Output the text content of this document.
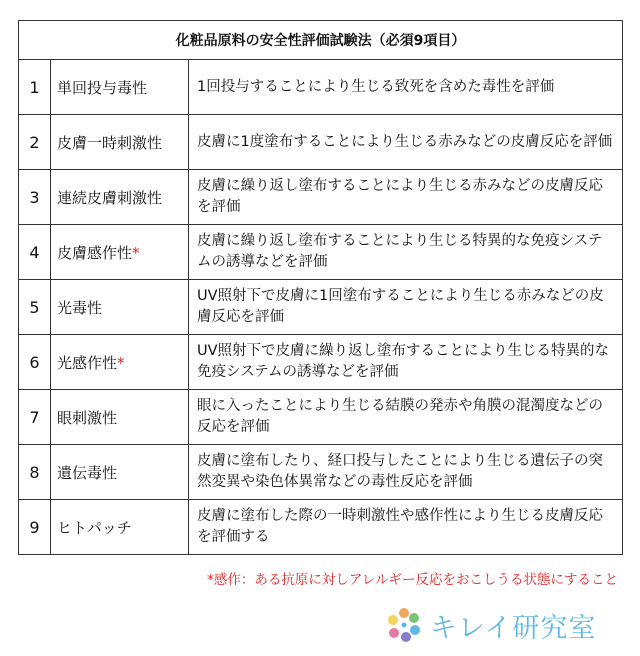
化粧品原料の安全性評価試験法（必須9項目）		
1	単回投与毒性	1回投与することにより生じる致死を含めた毒性を評価
2	皮膚一時刺激性	皮膚に1度塗布することにより生じる赤みなどの皮膚反応を評価
3	連続皮膚刺激性	皮膚に繰り返し塗布することにより生じる赤みなどの皮膚反応を評価
4	皮膚感作性*	皮膚に繰り返し塗布することにより生じる特異的な免疫システムの誘導などを評価
5	光毒性	UV照射下で皮膚に1回塗布することにより生じる赤みなどの皮膚反応を評価
6	光感作性*	UV照射下で皮膚に繰り返し塗布することにより生じる特異的な免疫システムの誘導などを評価
7	眼刺激性	眼に入ったことにより生じる結膜の発赤や角膜の混濁度などの反応を評価
8	遺伝毒性	皮膚に塗布したり、経口投与したことにより生じる遺伝子の突然変異や染色体異常などの毒性反応を評価
9	ヒトパッチ	皮膚に塗布した際の一時刺激性や感作性により生じる皮膚反応を評価する
*感作：ある抗原に対しアレルギー反応をおこしうる状態にすること
キレイ研究室
